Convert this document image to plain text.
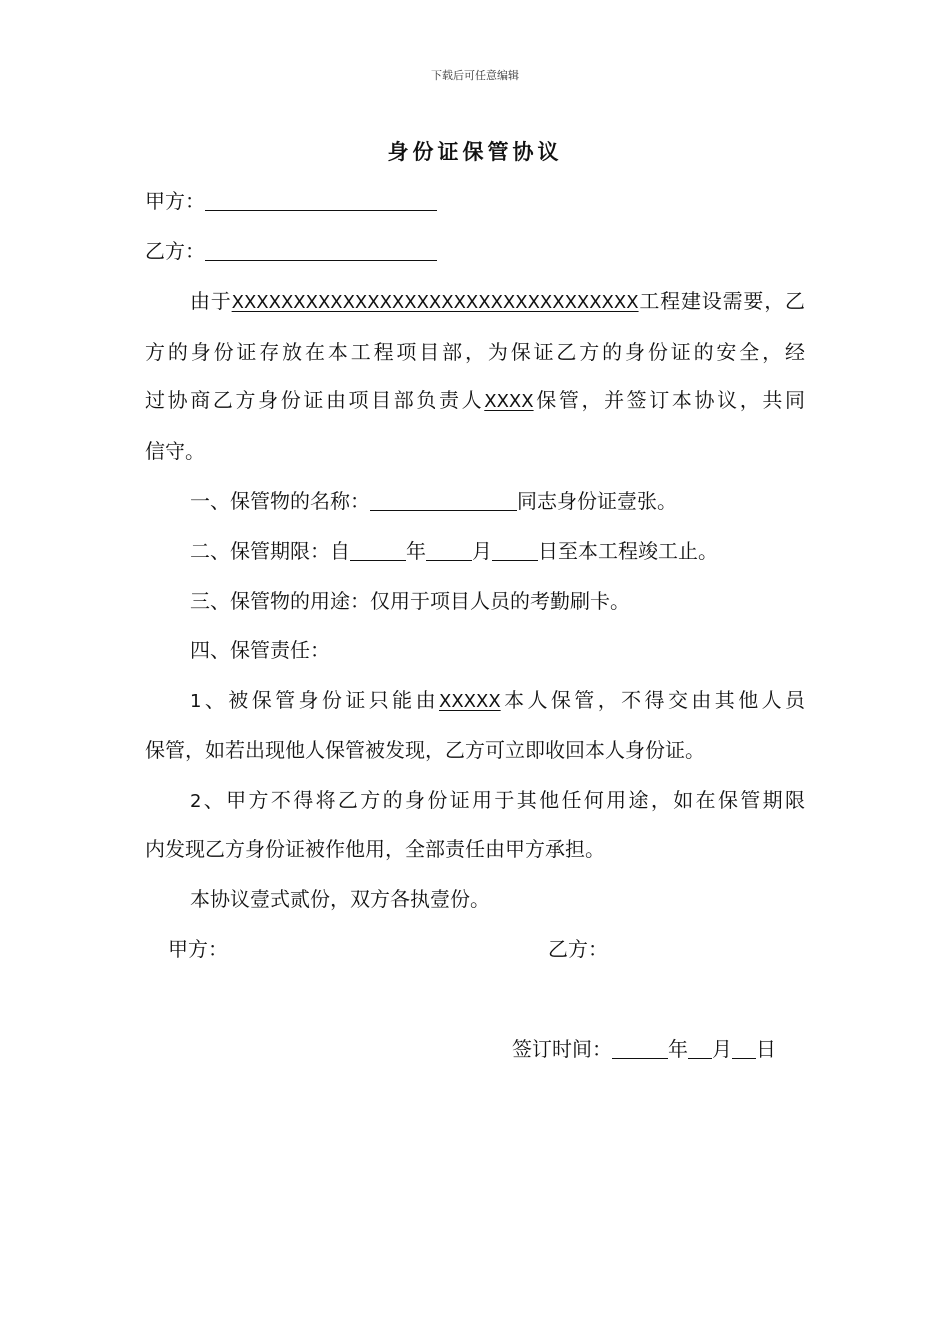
下载后可任意编辑
身份证保管协议
甲方：
乙方：
由于XXXXXXXXXXXXXXXXXXXXXXXXXXXXXXXXX工程建设需要，乙
方的身份证存放在本工程项目部，为保证乙方的身份证的安全，经
过协商乙方身份证由项目部负责人XXXX保管，并签订本协议，共同
信守。
一、保管物的名称：	同志身份证壹张。
二、保管期限：自	年 月 日至本工程竣工止。
三、保管物的用途：仅用于项目人员的考勤刷卡。
四、保管责任：
1、被保管身份证只能由XXXXX本人保管，不得交由其他人员
保管，如若出现他人保管被发现，乙方可立即收回本人身份证。
2、甲方不得将乙方的身份证用于其他任何用途，如在保管期限
内发现乙方身份证被作他用，全部责任由甲方承担。
本协议壹式贰份，双方各执壹份。
甲方：	乙方：
签订时间：	年 月 日
